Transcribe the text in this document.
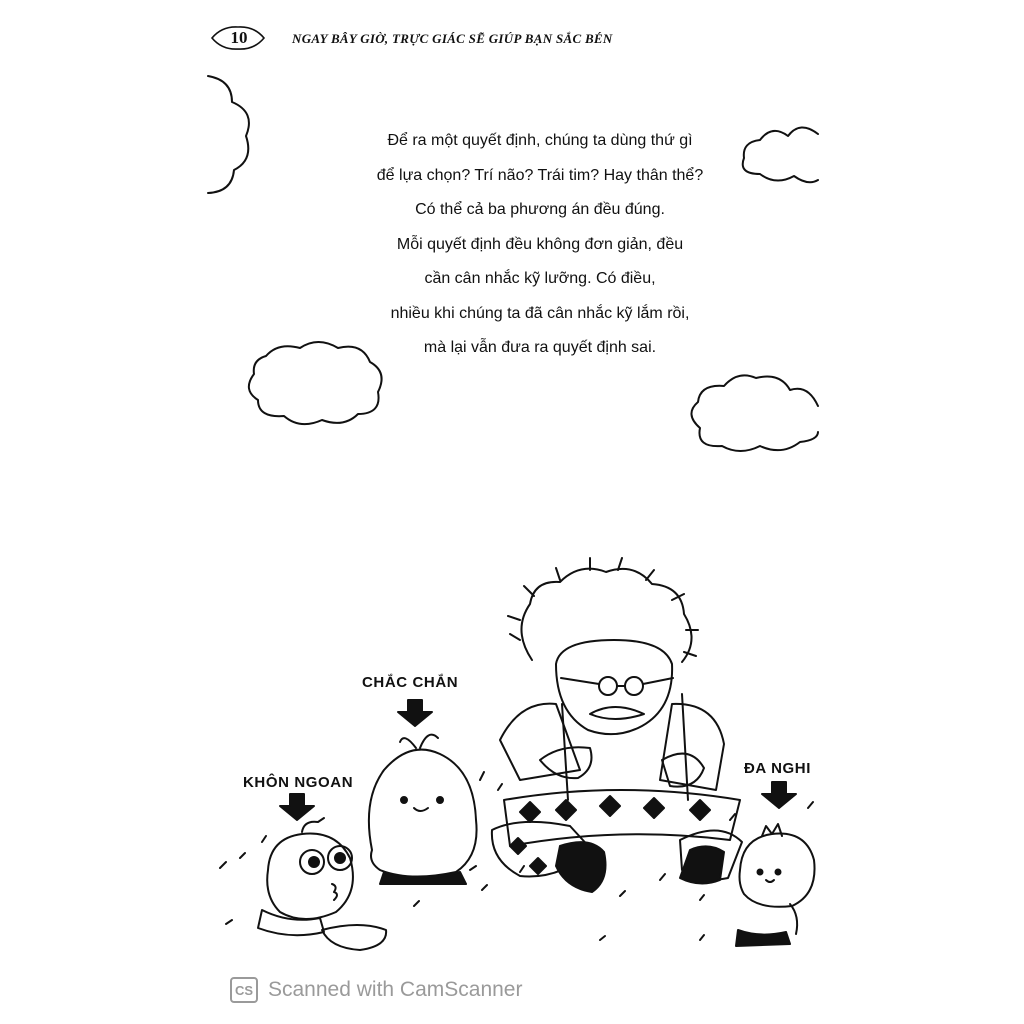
10	NGAY BÂY GIỜ, TRỰC GIÁC SẼ GIÚP BẠN SẮC BÉN
Để ra một quyết định, chúng ta dùng thứ gì
để lựa chọn? Trí não? Trái tim? Hay thân thể?
Có thể cả ba phương án đều đúng.
Mỗi quyết định đều không đơn giản, đều
cần cân nhắc kỹ lưỡng. Có điều,
nhiều khi chúng ta đã cân nhắc kỹ lắm rồi,
mà lại vẫn đưa ra quyết định sai.
CHẮC CHẮN
KHÔN NGOAN
ĐA NGHI
CS Scanned with CamScanner
